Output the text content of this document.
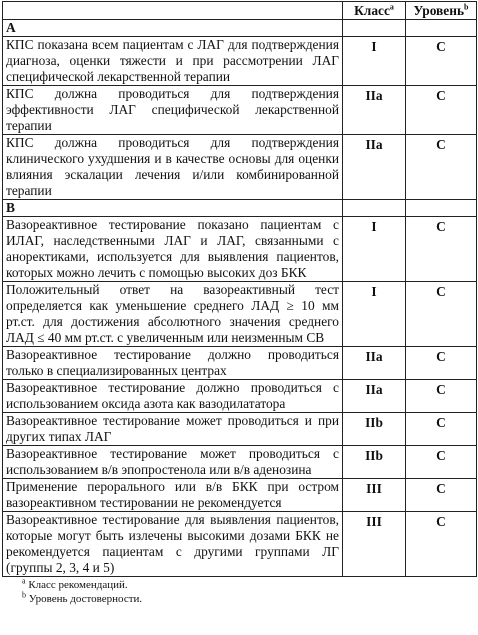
	Класс$^a$	Уровень$^b$
A		
КПС показана всем пациентам с ЛАГ для подтверждения диагноза, оценки тяжести и при рассмотрении ЛАГ специфической лекарственной терапии	I	C
КПС должна проводиться для подтверждения эффективности ЛАГ специфической лекарственной терапии	IIa	C
КПС должна проводиться для подтверждения клинического ухудшения и в качестве основы для оценки влияния эскалации лечения и/или комбинированной терапии	IIa	C
B		
Вазореактивное тестирование показано пациентам с ИЛАГ, наследственными ЛАГ и ЛАГ, связанными с аноректиками, используется для выявления пациентов, которых можно лечить с помощью высоких доз БКК	I	C
Положительный ответ на вазореактивный тест определяется как уменьшение среднего ЛАД ≥ 10 мм рт.ст. для достижения абсолютного значения среднего ЛАД ≤ 40 мм рт.ст. с увеличенным или неизменным СВ	I	C
Вазореактивное тестирование должно проводиться только в специализированных центрах	IIa	C
Вазореактивное тестирование должно проводиться с использованием оксида азота как вазодилататора	IIa	C
Вазореактивное тестирование может проводиться и при других типах ЛАГ	IIb	C
Вазореактивное тестирование может проводиться с использованием в/в эпопростенола или в/в аденозина	IIb	C
Применение перорального или в/в БКК при остром вазореактивном тестировании не рекомендуется	III	C
Вазореактивное тестирование для выявления пациентов, которые могут быть излечены высокими дозами БКК не рекомендуется пациентам с другими группами ЛГ (группы 2, 3, 4 и 5)	III	C
$^a$ Класс рекомендаций.
$^b$ Уровень достоверности.
